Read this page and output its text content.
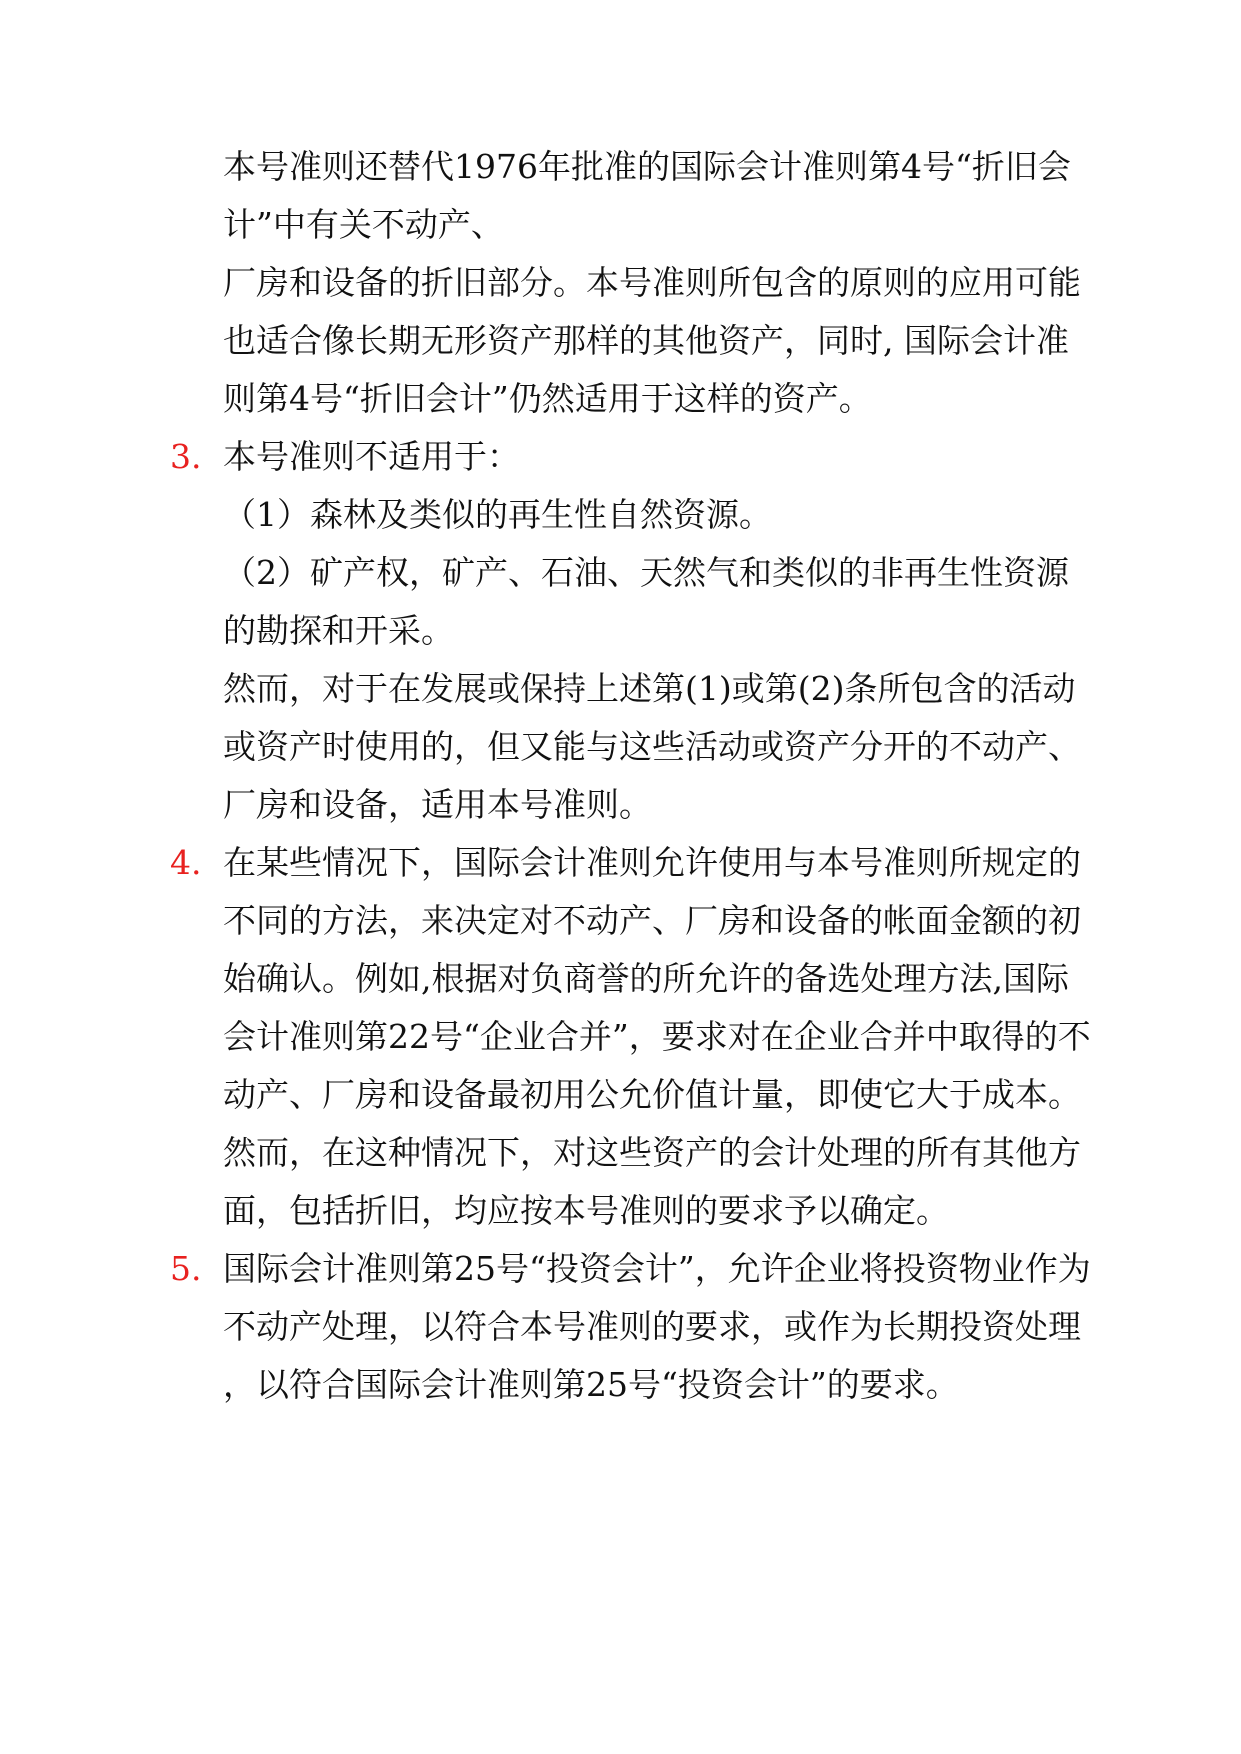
本号准则还替代1976年批准的国际会计准则第4号“折旧会
计”中有关不动产、
厂房和设备的折旧部分。本号准则所包含的原则的应用可能
也适合像长期无形资产那样的其他资产，同时, 国际会计准
则第4号“折旧会计”仍然适用于这样的资产。
3. 本号准则不适用于：
（1）森林及类似的再生性自然资源。
（2）矿产权，矿产、石油、天然气和类似的非再生性资源
的勘探和开采。
然而，对于在发展或保持上述第(1)或第(2)条所包含的活动
或资产时使用的，但又能与这些活动或资产分开的不动产、
厂房和设备，适用本号准则。
4. 在某些情况下，国际会计准则允许使用与本号准则所规定的
不同的方法，来决定对不动产、厂房和设备的帐面金额的初
始确认。例如,根据对负商誉的所允许的备选处理方法,国际
会计准则第22号“企业合并”，要求对在企业合并中取得的不
动产、厂房和设备最初用公允价值计量，即使它大于成本。
然而，在这种情况下，对这些资产的会计处理的所有其他方
面，包括折旧，均应按本号准则的要求予以确定。
5. 国际会计准则第25号“投资会计”，允许企业将投资物业作为
不动产处理，以符合本号准则的要求，或作为长期投资处理
，以符合国际会计准则第25号“投资会计”的要求。
